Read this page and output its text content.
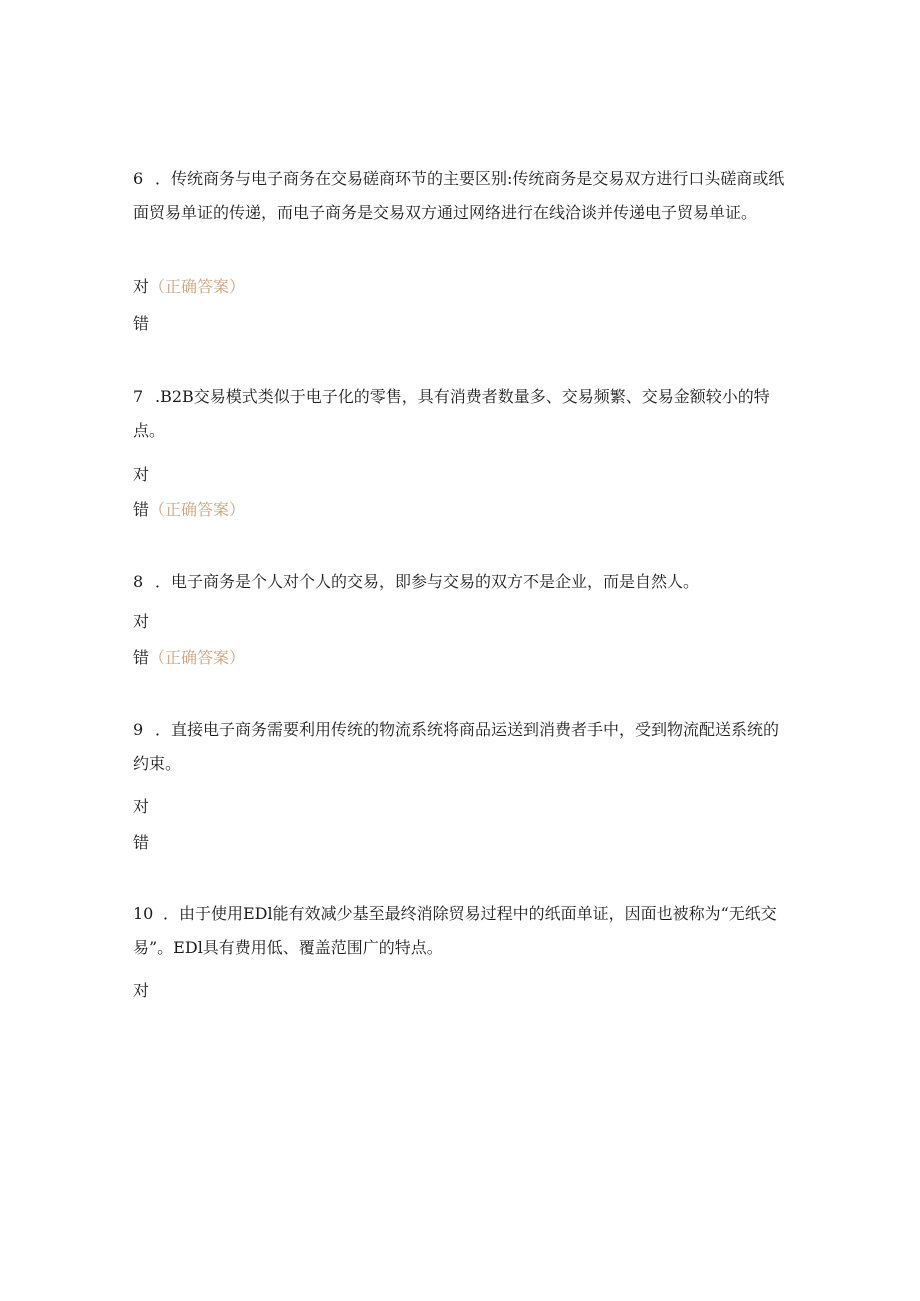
6 ．传统商务与电子商务在交易磋商环节的主要区别:传统商务是交易双方进行口头磋商或纸面贸易单证的传递，而电子商务是交易双方通过网络进行在线洽谈并传递电子贸易单证。

对（正确答案）
错

7 .B2B交易模式类似于电子化的零售，具有消费者数量多、交易频繁、交易金额较小的特点。

对
错（正确答案）

8 ．电子商务是个人对个人的交易，即参与交易的双方不是企业，而是自然人。

对
错（正确答案）

9 ．直接电子商务需要利用传统的物流系统将商品运送到消费者手中，受到物流配送系统的约束。

对
错

10 ．由于使用EDl能有效减少基至最终消除贸易过程中的纸面单证，因面也被称为“无纸交易”。EDl具有费用低、覆盖范围广的特点。

对
